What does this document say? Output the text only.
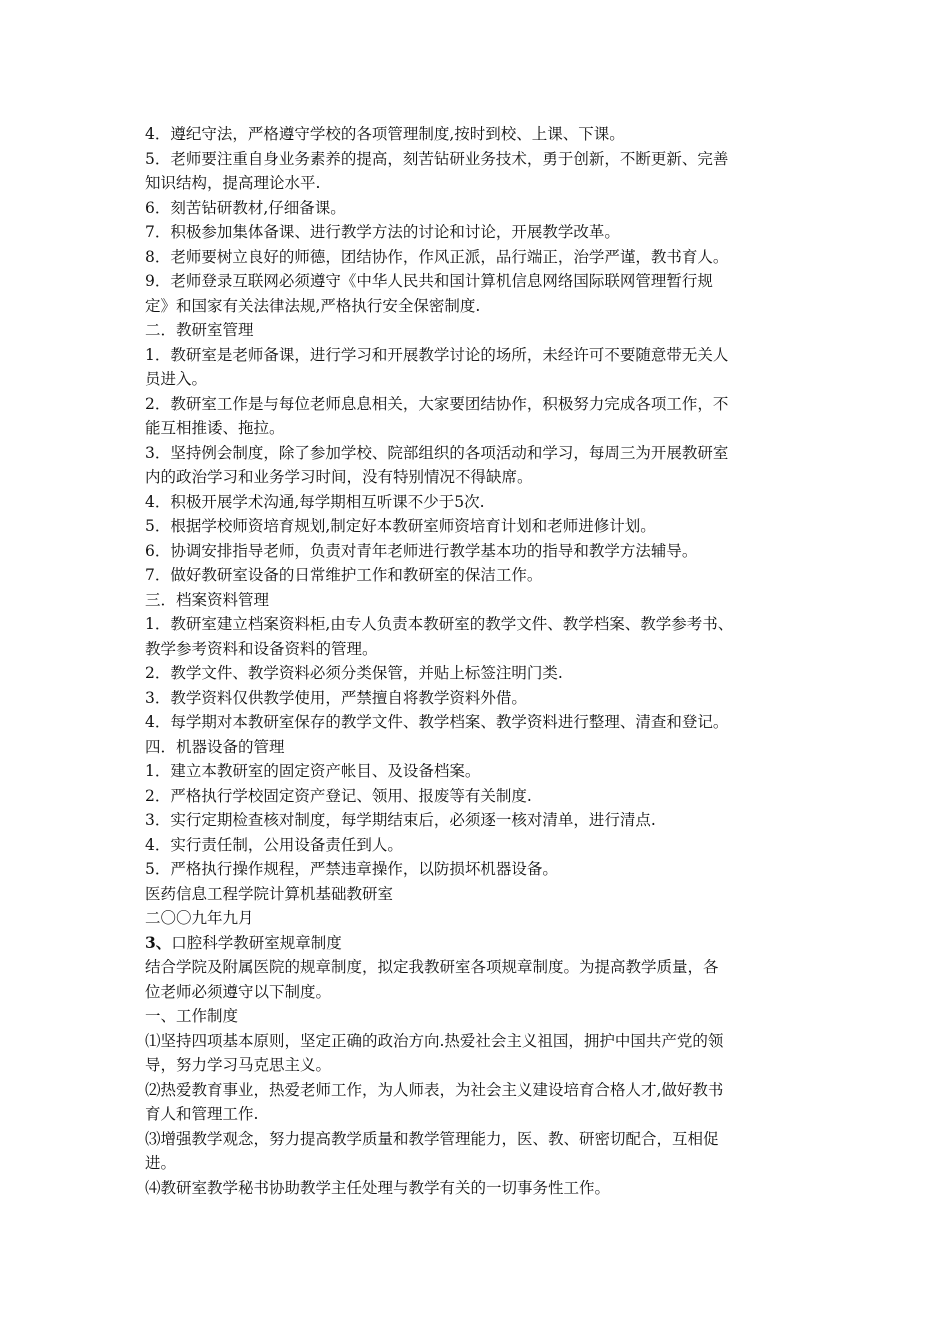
4．遵纪守法，严格遵守学校的各项管理制度,按时到校、上课、下课。
5．老师要注重自身业务素养的提高，刻苦钻研业务技术，勇于创新，不断更新、完善
知识结构，提高理论水平.
6．刻苦钻研教材,仔细备课。
7．积极参加集体备课、进行教学方法的讨论和讨论，开展教学改革。
8．老师要树立良好的师德，团结协作，作风正派，品行端正，治学严谨，教书育人。
9．老师登录互联网必须遵守《中华人民共和国计算机信息网络国际联网管理暂行规
定》和国家有关法律法规,严格执行安全保密制度.
二．教研室管理
1．教研室是老师备课，进行学习和开展教学讨论的场所，未经许可不要随意带无关人
员进入。
2．教研室工作是与每位老师息息相关，大家要团结协作，积极努力完成各项工作，不
能互相推诿、拖拉。
3．坚持例会制度，除了参加学校、院部组织的各项活动和学习，每周三为开展教研室
内的政治学习和业务学习时间，没有特别情况不得缺席。
4．积极开展学术沟通,每学期相互听课不少于5次.
5．根据学校师资培育规划,制定好本教研室师资培育计划和老师进修计划。
6．协调安排指导老师，负责对青年老师进行教学基本功的指导和教学方法辅导。
7．做好教研室设备的日常维护工作和教研室的保洁工作。
三．档案资料管理
1．教研室建立档案资料柜,由专人负责本教研室的教学文件、教学档案、教学参考书、
教学参考资料和设备资料的管理。
2．教学文件、教学资料必须分类保管，并贴上标签注明门类.
3．教学资料仅供教学使用，严禁擅自将教学资料外借。
4．每学期对本教研室保存的教学文件、教学档案、教学资料进行整理、清查和登记。
四．机器设备的管理
1．建立本教研室的固定资产帐目、及设备档案。
2．严格执行学校固定资产登记、领用、报废等有关制度.
3．实行定期检查核对制度，每学期结束后，必须逐一核对清单，进行清点.
4．实行责任制，公用设备责任到人。
5．严格执行操作规程，严禁违章操作，以防损坏机器设备。
医药信息工程学院计算机基础教研室
二〇〇九年九月
3、口腔科学教研室规章制度
结合学院及附属医院的规章制度，拟定我教研室各项规章制度。为提高教学质量，各
位老师必须遵守以下制度。
一、工作制度
⑴坚持四项基本原则，坚定正确的政治方向.热爱社会主义祖国，拥护中国共产党的领
导，努力学习马克思主义。
⑵热爱教育事业，热爱老师工作，为人师表，为社会主义建设培育合格人才,做好教书
育人和管理工作.
⑶增强教学观念，努力提高教学质量和教学管理能力，医、教、研密切配合，互相促
进。
⑷教研室教学秘书协助教学主任处理与教学有关的一切事务性工作。
